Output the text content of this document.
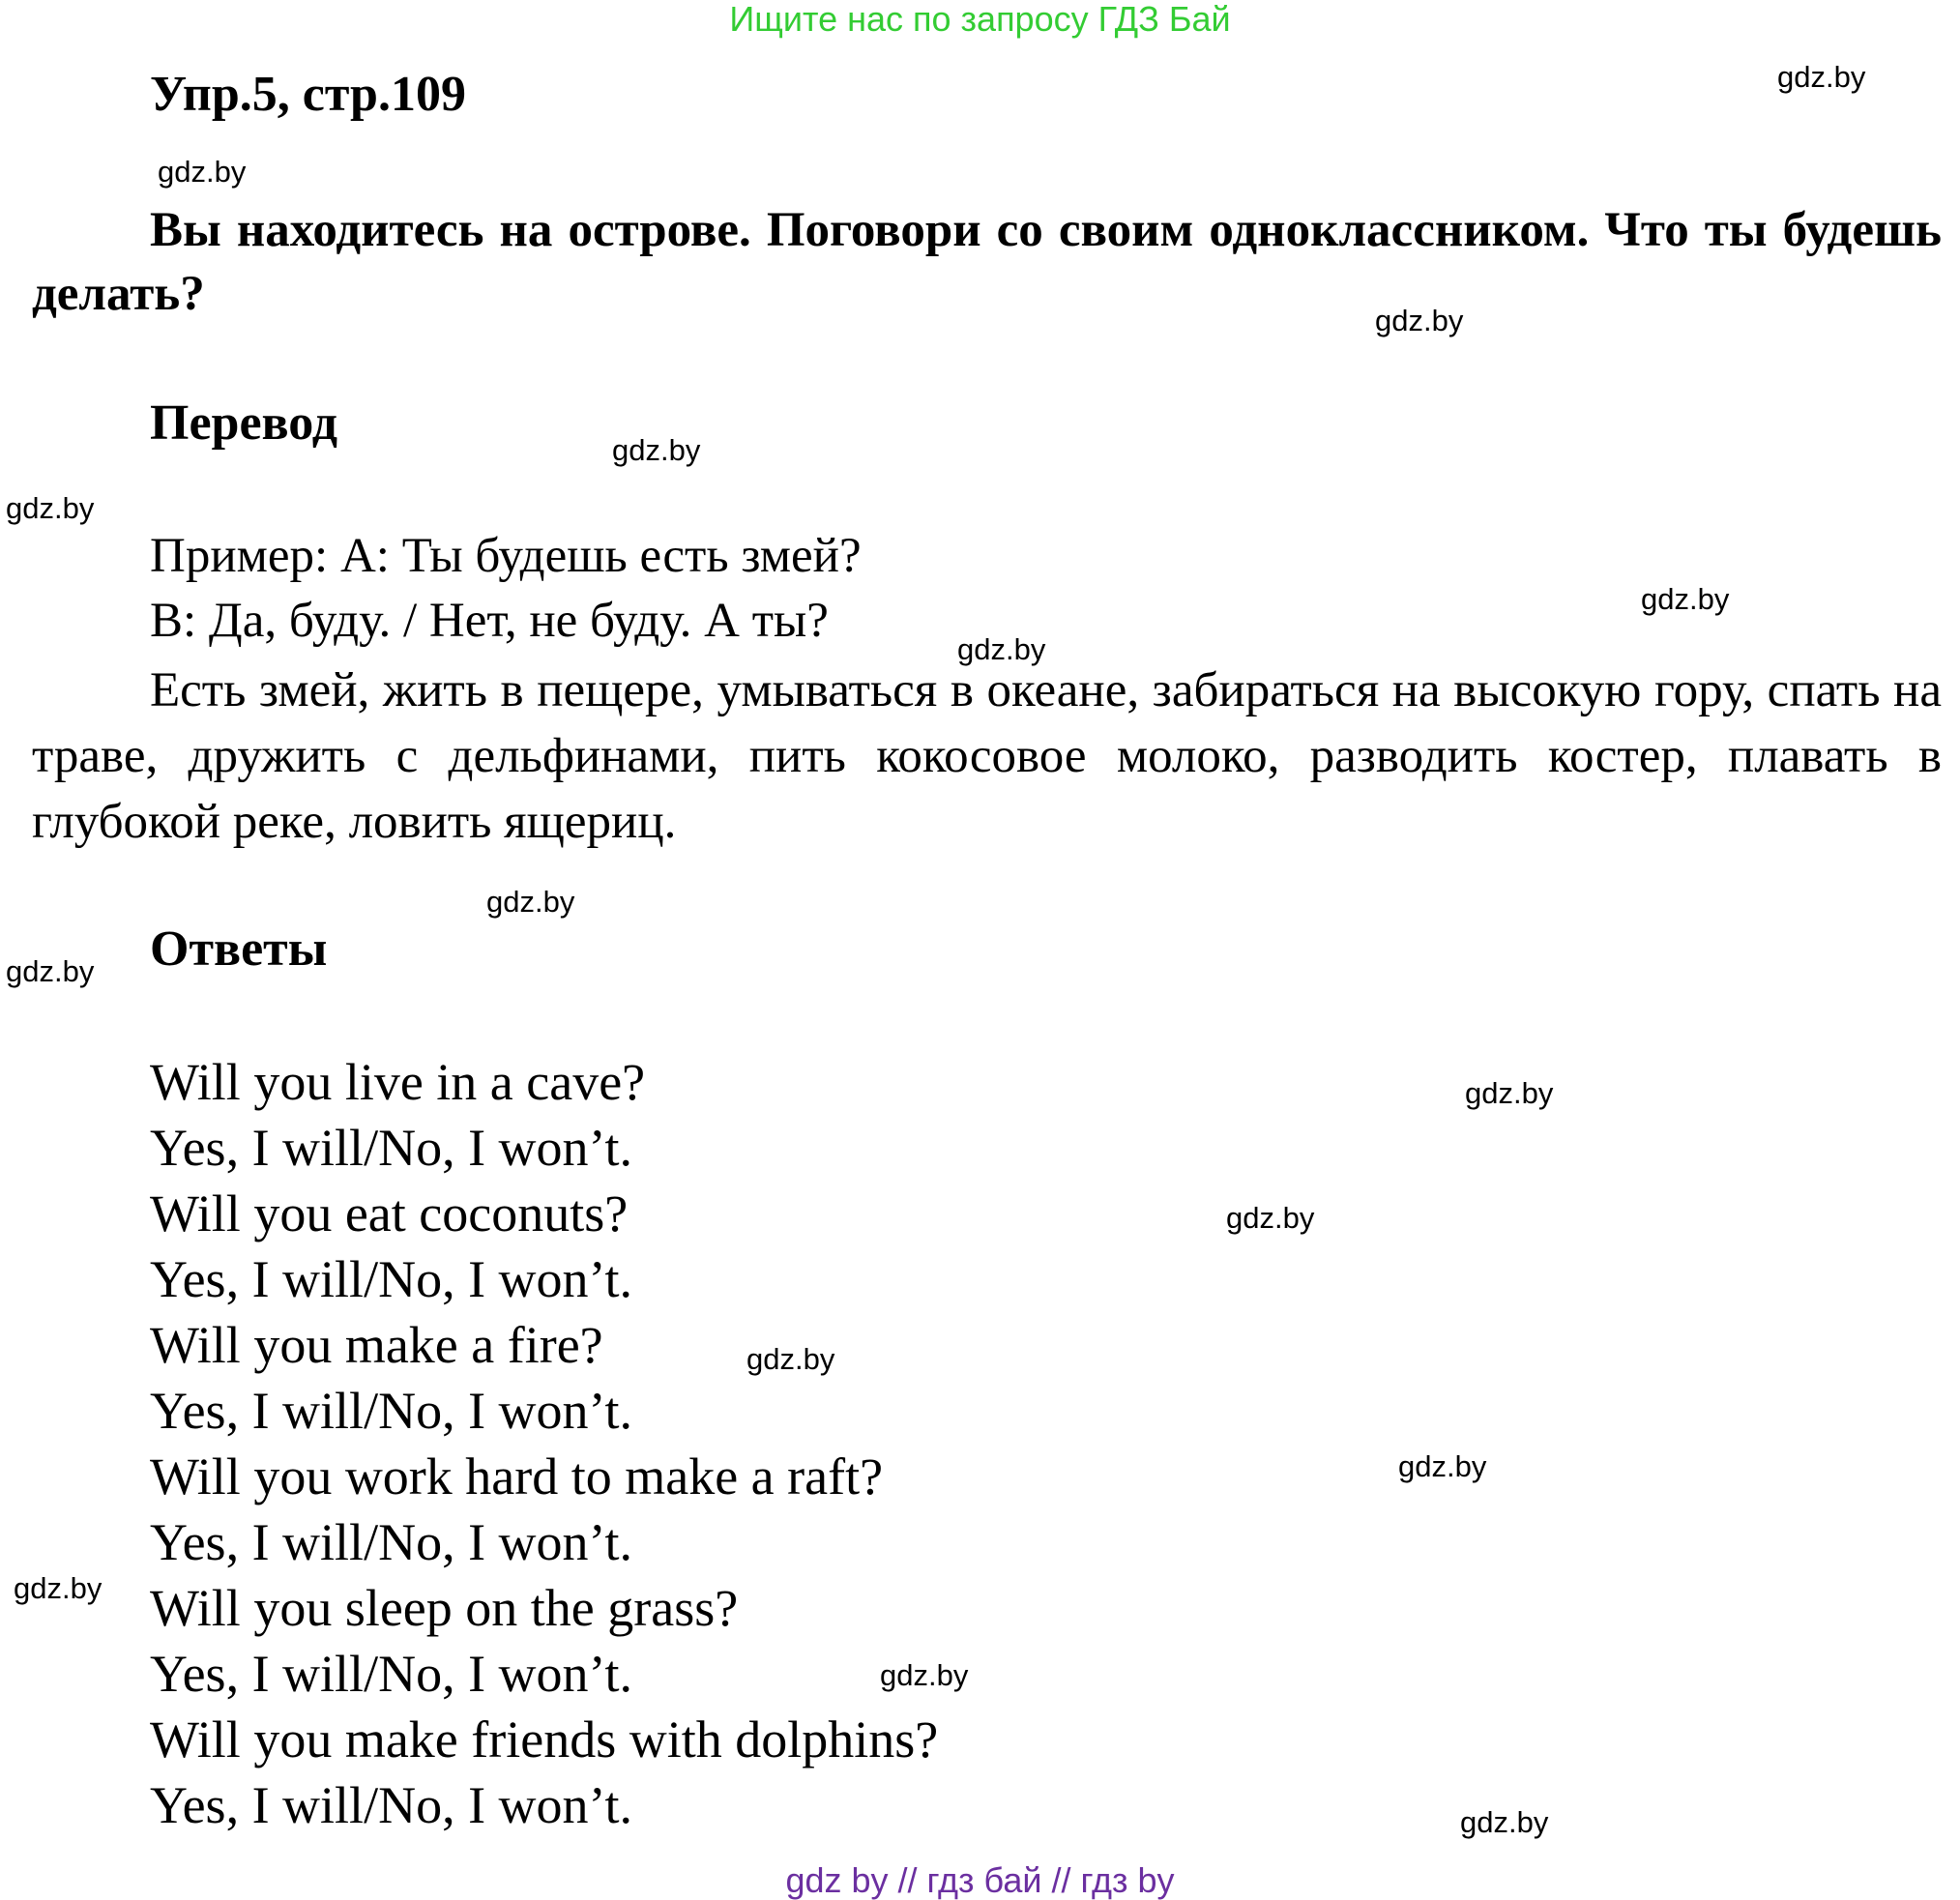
Ищите нас по запросу ГДЗ Бай
Упр.5, стр.109
Вы находитесь на острове. Поговори со своим одноклассником. Что ты будешь делать?
Перевод
Пример: A: Ты будешь есть змей?
B: Да, буду. / Нет, не буду. А ты?
Есть змей, жить в пещере, умываться в океане, забираться на высокую гору, спать на траве, дружить с дельфинами, пить кокосовое молоко, разводить костер, плавать в глубокой реке, ловить ящериц.
Ответы
Will you live in a cave?
Yes, I will/No, I won’t.
Will you eat coconuts?
Yes, I will/No, I won’t.
Will you make a fire?
Yes, I will/No, I won’t.
Will you work hard to make a raft?
Yes, I will/No, I won’t.
Will you sleep on the grass?
Yes, I will/No, I won’t.
Will you make friends with dolphins?
Yes, I will/No, I won’t.
gdz.by
gdz.by
gdz.by
gdz.by
gdz.by
gdz.by
gdz.by
gdz.by
gdz.by
gdz.by
gdz.by
gdz.by
gdz.by
gdz.by
gdz.by
gdz.by
gdz by // гдз бай // гдз by
